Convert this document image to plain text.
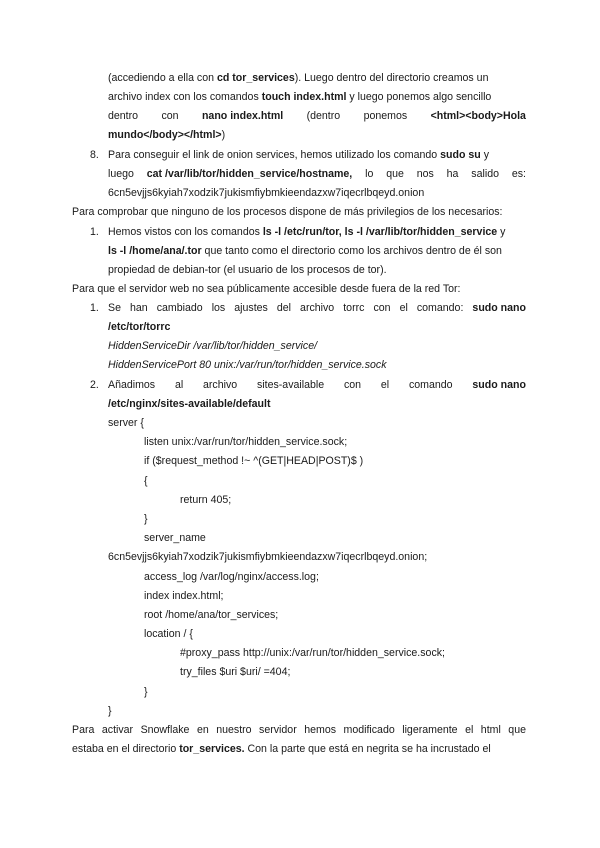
(accediendo a ella con cd tor_services). Luego dentro del directorio creamos un
archivo index con los comandos touch index.html y luego ponemos algo sencillo
dentro con nano index.html (dentro ponemos <html><body>Hola
mundo</body></html>)
8. Para conseguir el link de onion services, hemos utilizado los comando sudo su y
luego cat /var/lib/tor/hidden_service/hostname, lo que nos ha salido es:
6cn5evjjs6kyiah7xodzik7jukismfiybmkieendazxw7iqecrlbqeyd.onion
Para comprobar que ninguno de los procesos dispone de más privilegios de los necesarios:
1. Hemos vistos con los comandos ls -l /etc/run/tor, ls -l /var/lib/tor/hidden_service y
ls -l /home/ana/.tor que tanto como el directorio como los archivos dentro de él son
propiedad de debian-tor (el usuario de los procesos de tor).
Para que el servidor web no sea públicamente accesible desde fuera de la red Tor:
1. Se han cambiado los ajustes del archivo torrc con el comando: sudo nano
/etc/tor/torrc
HiddenServiceDir /var/lib/tor/hidden_service/
HiddenServicePort 80 unix:/var/run/tor/hidden_service.sock
2. Añadimos al archivo sites-available con el comando sudo nano
/etc/nginx/sites-available/default
server {
listen unix:/var/run/tor/hidden_service.sock;
if ($request_method !~ ^(GET|HEAD|POST)$ )
{
return 405;
}
server_name
6cn5evjjs6kyiah7xodzik7jukismfiybmkieendazxw7iqecrlbqeyd.onion;
access_log /var/log/nginx/access.log;
index index.html;
root /home/ana/tor_services;
location / {
#proxy_pass http://unix:/var/run/tor/hidden_service.sock;
try_files $uri $uri/ =404;
}
}
Para activar Snowflake en nuestro servidor hemos modificado ligeramente el html que
estaba en el directorio tor_services. Con la parte que está en negrita se ha incrustado el
